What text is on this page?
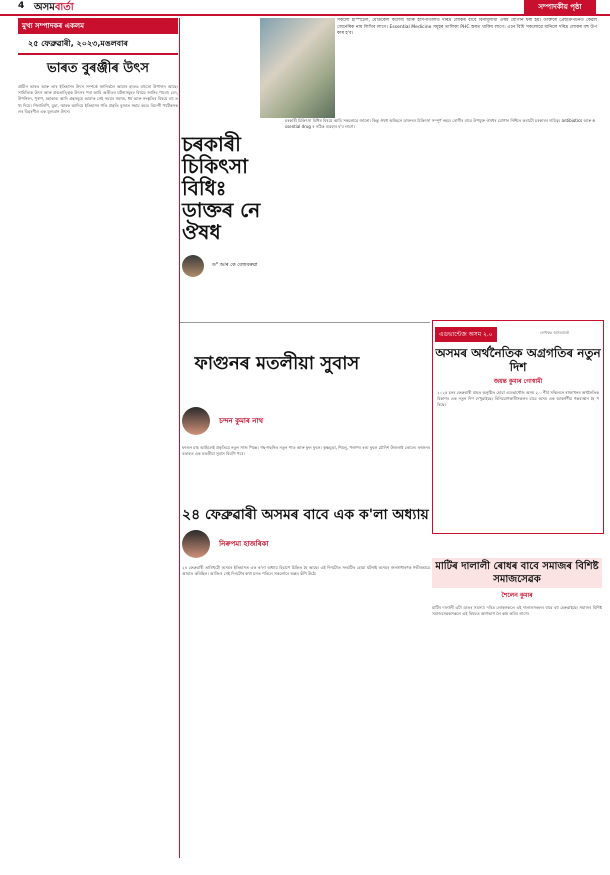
4 অসমবাৰ্তা	সম্পাদকীয় পৃষ্ঠা
মুখ্য সম্পাদকৰ একলম
২৫ ফেব্ৰুৱাৰী, ২০২৩,মঙলবাৰ
ভাৰত বুৰঞ্জীৰ উৎস
প্ৰাচীন ভাৰত আৰু তাৰ ইতিহাসৰ উৎস সম্পৰ্কে জানিবলৈ আমাৰ হাতত বহুতো উপাদান আছে। সাহিত্যিক উৎস আৰু প্ৰত্নতাত্ত্বিক উৎসৰ পৰা আমি অতীতৰ ঘটনাসমূহৰ বিষয়ে জানিব পাৰো। বেদ, উপনিষদ, পুৰাণ, মহাকাব্য আদি গ্ৰন্থসমূহে আমাক সেই সময়ৰ সমাজ, ধৰ্ম আৰু সংস্কৃতিৰ বিষয়ে বহু তথ্য দিয়ে। শিলালিপি, মুদ্ৰা, স্মাৰক আদিয়ে ইতিহাসৰ গতি প্ৰকৃতি বুজাত সহায় কৰে। বিদেশী পৰ্যটকসকলৰ বিৱৰণীও এক মূল্যবান উৎস।
সকলো হস্পিটেল, মেডিকেল কলেজ আৰু হাসপাতালত দৰিদ্ৰ লোকৰ বাবে বিনামূলীয়া ঔষধ যোগান ধৰা হয়। ডাক্তৰে প্ৰেছক্ৰিপচনত কেৱল জেনেৰিক নাম লিখিব লাগে। Essential Medicine সমূহৰ তালিকা PHC স্তৰত থাকিব লাগে। এনে বিধি সকলোৱে মানিলে দৰিদ্ৰ লোকৰ বহু উপকাৰ হ'ব।
চৰকাৰী চিকিৎসা বিধিঃ ডাক্তৰ নে ঔষধ
ড° আৰ কে বেজবৰুৱা
চৰকাৰী চিকিৎসা বিধিৰ বিষয়ে আমি সকলোৱে জানো। কিন্তু ঔষধ অবিহনে ডাক্তৰৰ চিকিৎসা সম্পূৰ্ণ নহয়। ৰোগীৰ বাবে উপযুক্ত ঔষধৰ যোগান নিশ্চিত কৰাটো চৰকাৰৰ দায়িত্ব। antibiotics আৰু essential drug ৰ সঠিক ব্যৱহাৰ হ'ব লাগে।
এডভান্টেজ অসম ২.০
অসমৰ অৰ্থনৈতিক অগ্ৰগতিৰ নতুন দিশ
জয়ন্ত কুমাৰ গোস্বামী
২০২৫ চনৰ ফেব্ৰুৱাৰী মাহত অনুষ্ঠিত হোৱা এডভান্টেজ অসম ২.০ শীৰ্ষ সন্মিলনে ৰাজ্যখনৰ অৰ্থনৈতিক বিকাশৰ এক নতুন দিশ দেখুৱাইছে। বিনিয়োগকাৰীসকলৰ বাবে অসম এক আকৰ্ষণীয় গন্তব্যস্থান হৈ পৰিছে।
ফাগুনৰ মতলীয়া সুবাস
চন্দন কুমাৰ নাথ
ফাগুন মাহ আহিলেই প্ৰকৃতিয়ে নতুন সাজ পিন্ধে। গছ-গছনিত নতুন পাত আৰু ফুল ফুলে। কৃষ্ণচূড়া, শিমলু, পলাশৰ ৰঙা ফুলে চৌদিশ উজলাই তোলে। ফাগুনৰ বতাহত এক মতলীয়া সুবাস বিয়পি পৰে।
২৪ ফেব্ৰুৱাৰী অসমৰ বাবে এক ক'লা অধ্যায়
নিৰুপমা হাজৰিকা
২৪ ফেব্ৰুৱাৰী তাৰিখটো অসমৰ ইতিহাসত এক ক'লা অধ্যায় হিচাপে চিহ্নিত হৈ আছে। এই দিনটোত সংঘটিত হোৱা ঘটনাই অসমৰ জনসাধাৰণক গভীৰভাৱে আঘাত কৰিছিল। আজিও সেই দিনটোৰ কথা মনত পৰিলে সকলোৰে অন্তৰ কঁপি উঠে।
মাটিৰ দালালী ৰোধৰ বাবে সমাজৰ বিশিষ্ট সমাজসেৱক
শৈলেন কুমাৰ
মাটিৰ দালালী এটা ডাঙৰ সমস্যা। দৰিদ্ৰ লোকসকলে এই দালালসকলৰ বাবে বহু হেৰুৱাইছে। সমাজৰ বিশিষ্ট সমাজসেৱকসকলে এই বিষয়ত আগভাগ লৈ কাম কৰিব লাগে।
লেখকঃ অসমবাৰ্তা
